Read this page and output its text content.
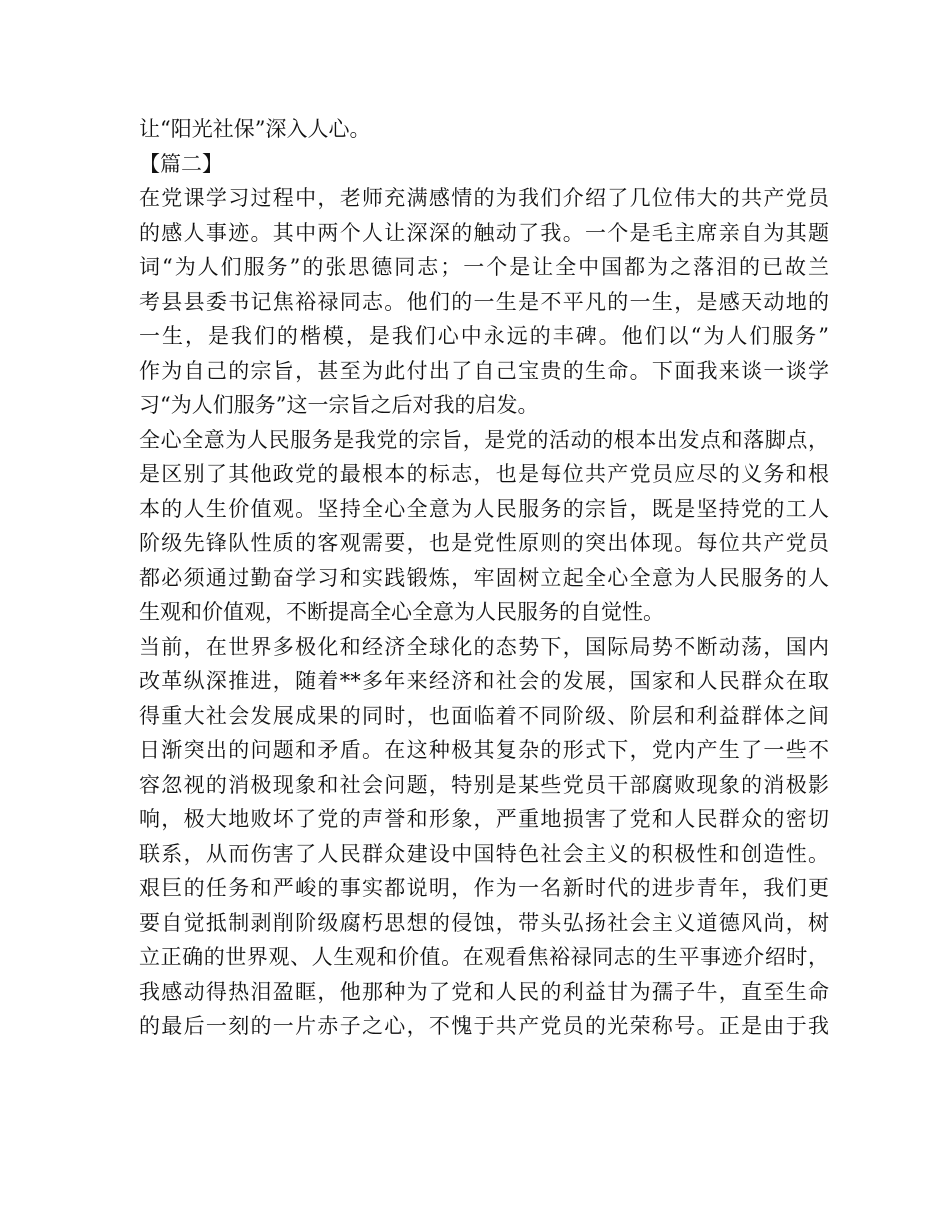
让“阳光社保”深入人心。
【篇二】
在党课学习过程中，老师充满感情的为我们介绍了几位伟大的共产党员
的感人事迹。其中两个人让深深的触动了我。一个是毛主席亲自为其题
词“为人们服务”的张思德同志；一个是让全中国都为之落泪的已故兰
考县县委书记焦裕禄同志。他们的一生是不平凡的一生，是感天动地的
一生，是我们的楷模，是我们心中永远的丰碑。他们以“为人们服务”
作为自己的宗旨，甚至为此付出了自己宝贵的生命。下面我来谈一谈学
习“为人们服务”这一宗旨之后对我的启发。
全心全意为人民服务是我党的宗旨，是党的活动的根本出发点和落脚点，
是区别了其他政党的最根本的标志，也是每位共产党员应尽的义务和根
本的人生价值观。坚持全心全意为人民服务的宗旨，既是坚持党的工人
阶级先锋队性质的客观需要，也是党性原则的突出体现。每位共产党员
都必须通过勤奋学习和实践锻炼，牢固树立起全心全意为人民服务的人
生观和价值观，不断提高全心全意为人民服务的自觉性。
当前，在世界多极化和经济全球化的态势下，国际局势不断动荡，国内
改革纵深推进，随着**多年来经济和社会的发展，国家和人民群众在取
得重大社会发展成果的同时，也面临着不同阶级、阶层和利益群体之间
日渐突出的问题和矛盾。在这种极其复杂的形式下，党内产生了一些不
容忽视的消极现象和社会问题，特别是某些党员干部腐败现象的消极影
响，极大地败坏了党的声誉和形象，严重地损害了党和人民群众的密切
联系，从而伤害了人民群众建设中国特色社会主义的积极性和创造性。
艰巨的任务和严峻的事实都说明，作为一名新时代的进步青年，我们更
要自觉抵制剥削阶级腐朽思想的侵蚀，带头弘扬社会主义道德风尚，树
立正确的世界观、人生观和价值。在观看焦裕禄同志的生平事迹介绍时，
我感动得热泪盈眶，他那种为了党和人民的利益甘为孺子牛，直至生命
的最后一刻的一片赤子之心，不愧于共产党员的光荣称号。正是由于我
